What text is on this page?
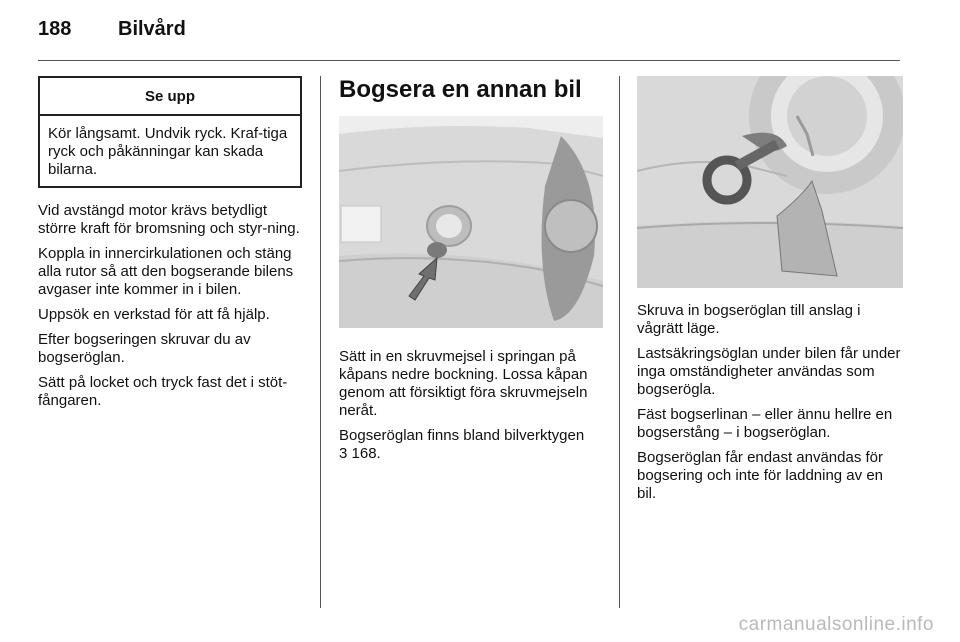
188 Bilvård
Se upp
Kör långsamt. Undvik ryck. Kraf-tiga ryck och påkänningar kan skada bilarna.

Vid avstängd motor krävs betydligt större kraft för bromsning och styr-ning.

Koppla in innercirkulationen och stäng alla rutor så att den bogserande bilens avgaser inte kommer in i bilen.

Uppsök en verkstad för att få hjälp.

Efter bogseringen skruvar du av bogseröglan.

Sätt på locket och tryck fast det i stöt-fångaren.

Bogsera en annan bil

Sätt in en skruvmejsel i springan på kåpans nedre bockning. Lossa kåpan genom att försiktigt föra skruvmejseln neråt.

Bogseröglan finns bland bilverktygen
3 168.

Skruva in bogseröglan till anslag i vågrätt läge.

Lastsäkringsöglan under bilen får under inga omständigheter användas som bogserögla.

Fäst bogserlinan – eller ännu hellre en bogserstång – i bogseröglan.

Bogseröglan får endast användas för bogsering och inte för laddning av en bil.

carmanualsonline.info
